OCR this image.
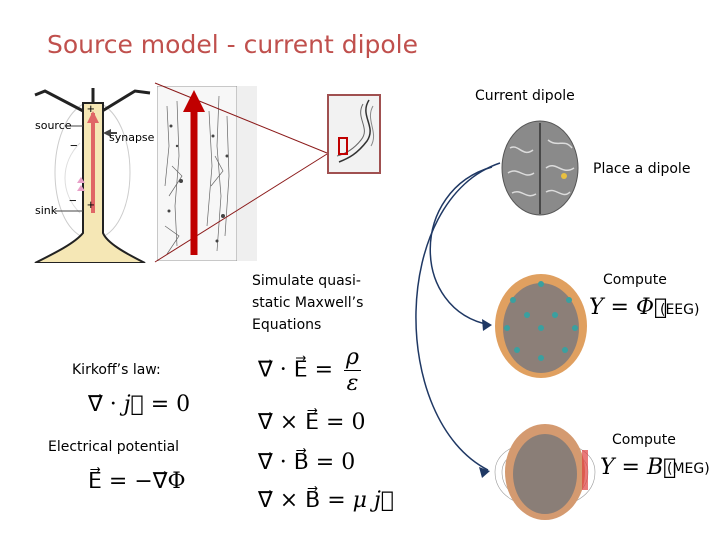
Source model - current dipole
source
synapse
sink
+
−
− +
Current dipole
Place a dipole
Compute
Y = Φ⃗
(EEG)
Compute
Y = B⃗
(MEG)
Simulate quasi-
static Maxwell’s
Equations
∇⃗ · E⃗ = $\frac{\rho}{\varepsilon}$
∇⃗ × E⃗ = 0
∇⃗ · B⃗ = 0
∇⃗ × B⃗ = μ j⃗
Kirkoff’s law:
∇⃗ · j⃗ = 0
Electrical potential
E⃗ = −∇⃗Φ
